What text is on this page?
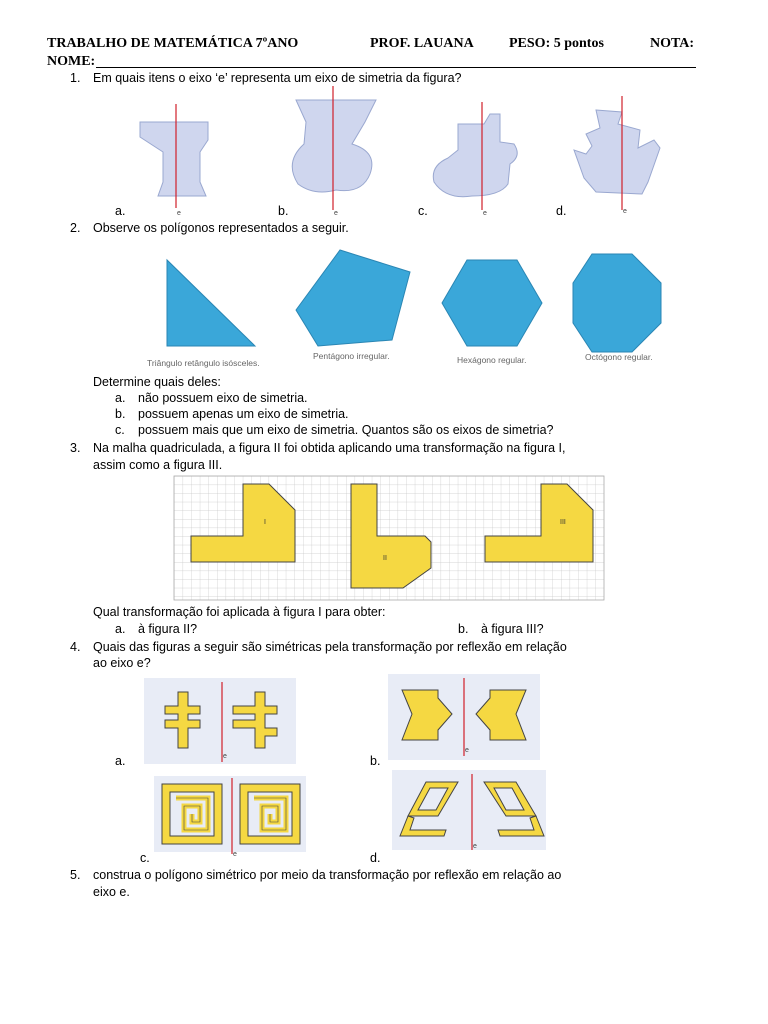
TRABALHO DE MATEMÁTICA 7ºANO	PROF. LAUANA	PESO: 5 pontos	NOTA:
NOME:
1. Em quais itens o eixo ‘e’ representa um eixo de simetria da figura?
e	e	e	e
a.	b.	c.	d.
2. Observe os polígonos representados a seguir.
Triângulo retângulo isósceles.
Pentágono irregular.	Hexágono regular.	Octógono regular.
Determine quais deles:
a. não possuem eixo de simetria.
b. possuem apenas um eixo de simetria.
c. possuem mais que um eixo de simetria. Quantos são os eixos de simetria?
3. Na malha quadriculada, a figura II foi obtida aplicando uma transformação na figura I,
assim como a figura III.
I
II
III
Qual transformação foi aplicada à figura I para obter:
a. à figura II?	b. à figura III?
4. Quais das figuras a seguir são simétricas pela transformação por reflexão em relação
ao eixo e?
e
e
e
e
a.	b.
c.	d.
5. construa o polígono simétrico por meio da transformação por reflexão em relação ao
eixo e.
